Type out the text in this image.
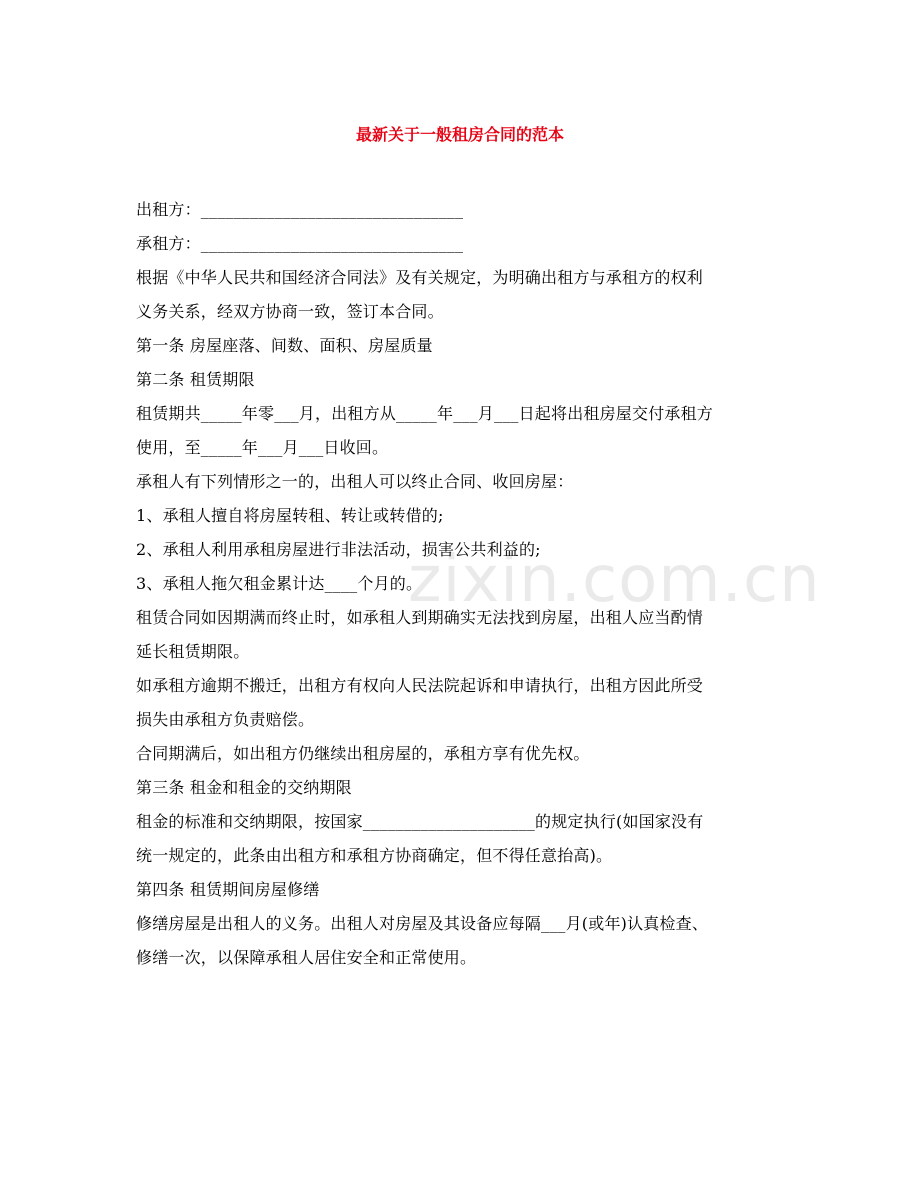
最新关于一般租房合同的范本
出租方：________________________________
承租方：________________________________
根据《中华人民共和国经济合同法》及有关规定，为明确出租方与承租方的权利
义务关系，经双方协商一致，签订本合同。
第一条 房屋座落、间数、面积、房屋质量
第二条 租赁期限
租赁期共_____年零___月，出租方从_____年___月___日起将出租房屋交付承租方
使用，至_____年___月___日收回。
承租人有下列情形之一的，出租人可以终止合同、收回房屋：
1、承租人擅自将房屋转租、转让或转借的;
2、承租人利用承租房屋进行非法活动，损害公共利益的;
3、承租人拖欠租金累计达____个月的。
租赁合同如因期满而终止时，如承租人到期确实无法找到房屋，出租人应当酌情
延长租赁期限。
如承租方逾期不搬迁，出租方有权向人民法院起诉和申请执行，出租方因此所受
损失由承租方负责赔偿。
合同期满后，如出租方仍继续出租房屋的，承租方享有优先权。
第三条 租金和租金的交纳期限
租金的标准和交纳期限，按国家_____________________的规定执行(如国家没有
统一规定的，此条由出租方和承租方协商确定，但不得任意抬高)。
第四条 租赁期间房屋修缮
修缮房屋是出租人的义务。出租人对房屋及其设备应每隔___月(或年)认真检查、
修缮一次，以保障承租人居住安全和正常使用。
zixin.com.cn
